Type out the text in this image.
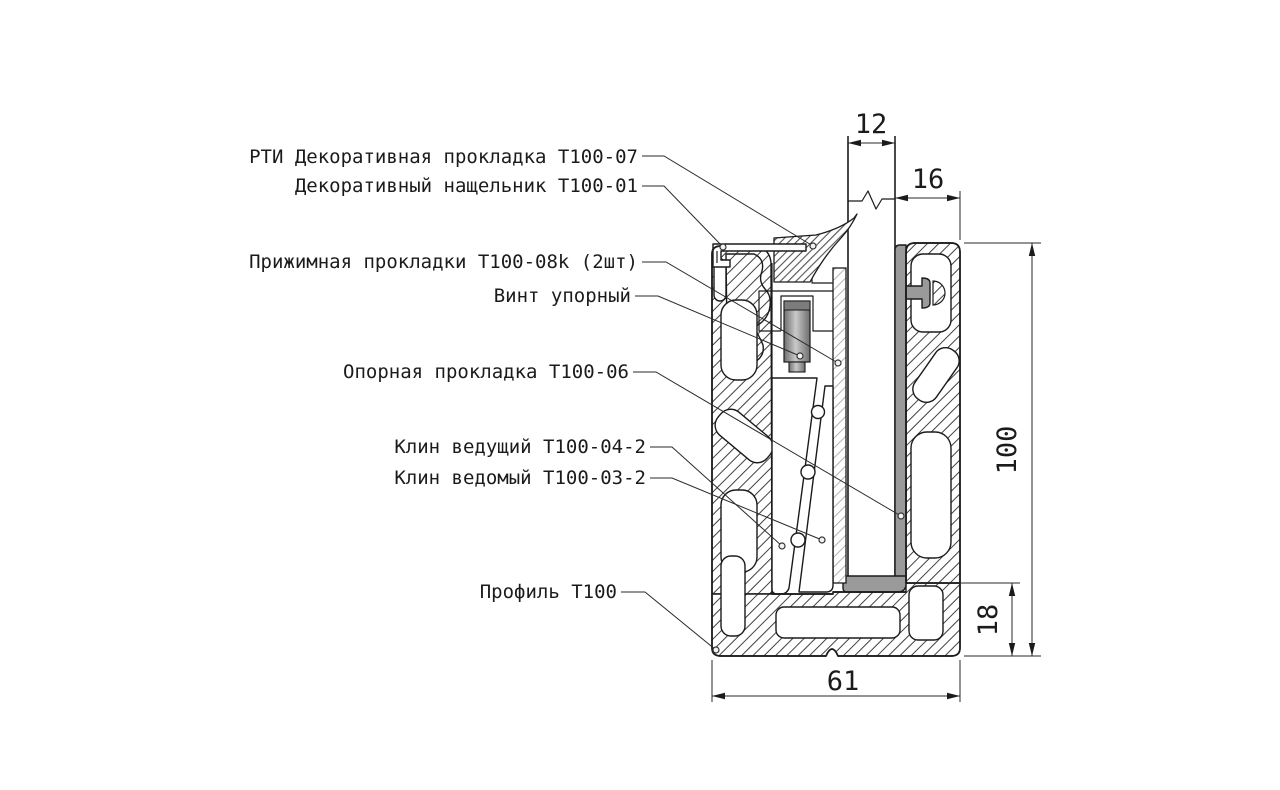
12
16
100
18
61
РТИ Декоративная прокладка Т100-07
Декоративный нащельник Т100-01
Прижимная прокладки Т100-08k (2шт)
Винт упорный
Опорная прокладка Т100-06
Клин ведущий Т100-04-2
Клин ведомый Т100-03-2
Профиль Т100
